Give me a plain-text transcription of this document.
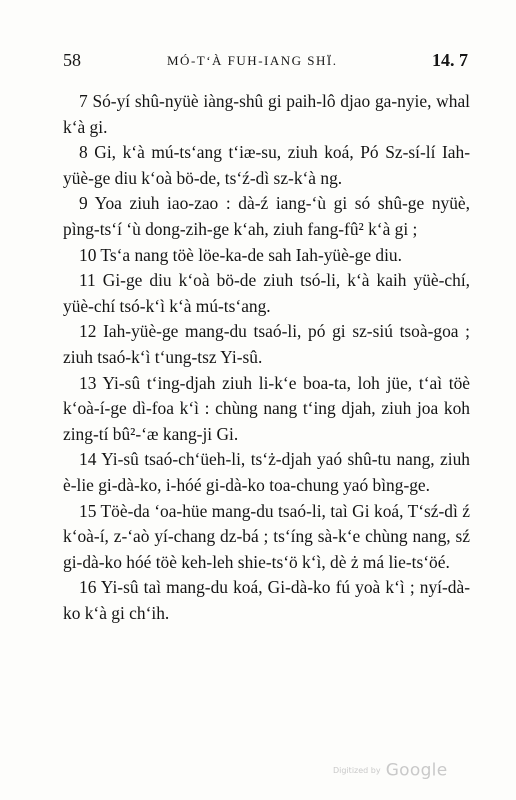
58	MÓ-T‘À FUH-IANG SHÏ.	14. 7

7 Só-yí shû-nyüè iàng-shû gi paih-lô djao ga-nyie, whal k‘à gi.

8 Gi, k‘à mú-ts‘ang t‘iæ-su, ziuh koá, Pó Sz-sí-lí Iah-yüè-ge diu k‘oà bö-de, ts‘ź-dì sz-k‘à ng.

9 Yoa ziuh iao-zao : dà-ź iang-‘ù gi só shû-ge nyüè, pìng-ts‘í ‘ù dong-zih-ge k‘ah, ziuh fang-fû² k‘à gi ;

10 Ts‘a nang töè löe-ka-de sah Iah-yüè-ge diu.

11 Gi-ge diu k‘oà bö-de ziuh tsó-li, k‘à kaih yüè-chí, yüè-chí tsó-k‘ì k‘à mú-ts‘ang.

12 Iah-yüè-ge mang-du tsaó-li, pó gi sz-siú tsoà-goa ; ziuh tsaó-k‘ì t‘ung-tsz Yi-sû.

13 Yi-sû t‘ing-djah ziuh li-k‘e boa-ta, loh jüe, t‘aì töè k‘oà-í-ge dì-foa k‘ì : chùng nang t‘ing djah, ziuh joa koh zing-tí bû²-‘æ kang-ji Gi.

14 Yi-sû tsaó-ch‘üeh-li, ts‘ż-djah yaó shû-tu nang, ziuh è-lie gi-dà-ko, i-hóé gi-dà-ko toa-chung yaó bìng-ge.

15 Töè-da ‘oa-hüe mang-du tsaó-li, taì Gi koá, T‘sź-dì ź k‘oà-í, z-‘aò yí-chang dz-bá ; ts‘íng sà-k‘e chùng nang, sź gi-dà-ko hóé töè keh-leh shie-ts‘ö k‘ì, dè ż má lie-ts‘öé.

16 Yi-sû taì mang-du koá, Gi-dà-ko fú yoà k‘ì ; nyí-dà-ko k‘à gi ch‘ih.

Digitized by Google
